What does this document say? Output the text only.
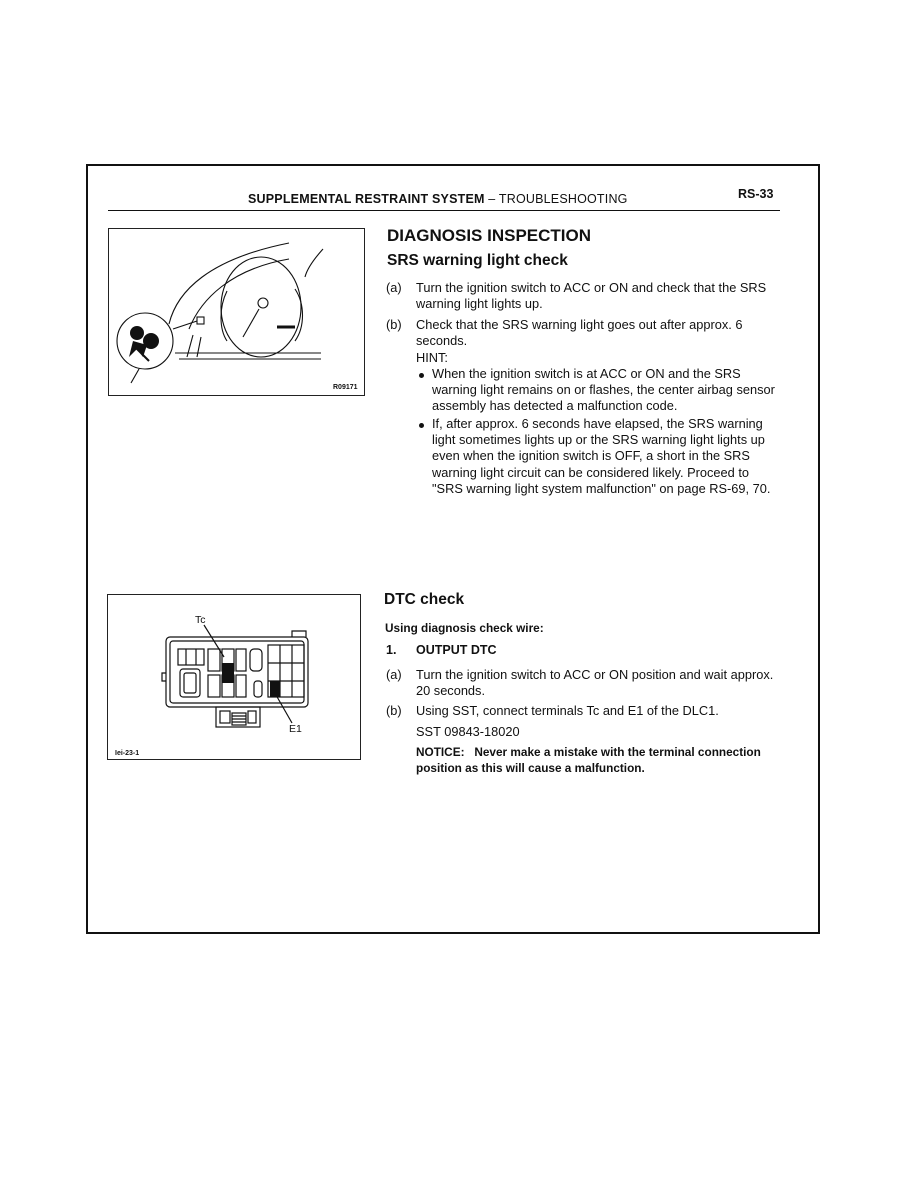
SUPPLEMENTAL RESTRAINT SYSTEM – TROUBLESHOOTING	RS-33
R09171
DIAGNOSIS INSPECTION
SRS warning light check
(a) Turn the ignition switch to ACC or ON and check that the SRS warning light lights up.
(b) Check that the SRS warning light goes out after approx. 6 seconds.
HINT:
When the ignition switch is at ACC or ON and the SRS warning light remains on or flashes, the center airbag sensor assembly has detected a malfunction code.
If, after approx. 6 seconds have elapsed, the SRS warning light sometimes lights up or the SRS warning light lights up even when the ignition switch is OFF, a short in the SRS warning light circuit can be considered likely. Proceed to "SRS warning light system malfunction" on page RS-69, 70.
Tc
E1
Iei-23-1
DTC check
Using diagnosis check wire:
1. OUTPUT DTC
(a) Turn the ignition switch to ACC or ON position and wait approx. 20 seconds.
(b) Using SST, connect terminals Tc and E1 of the DLC1.
SST 09843-18020
NOTICE: Never make a mistake with the terminal connection position as this will cause a malfunction.
